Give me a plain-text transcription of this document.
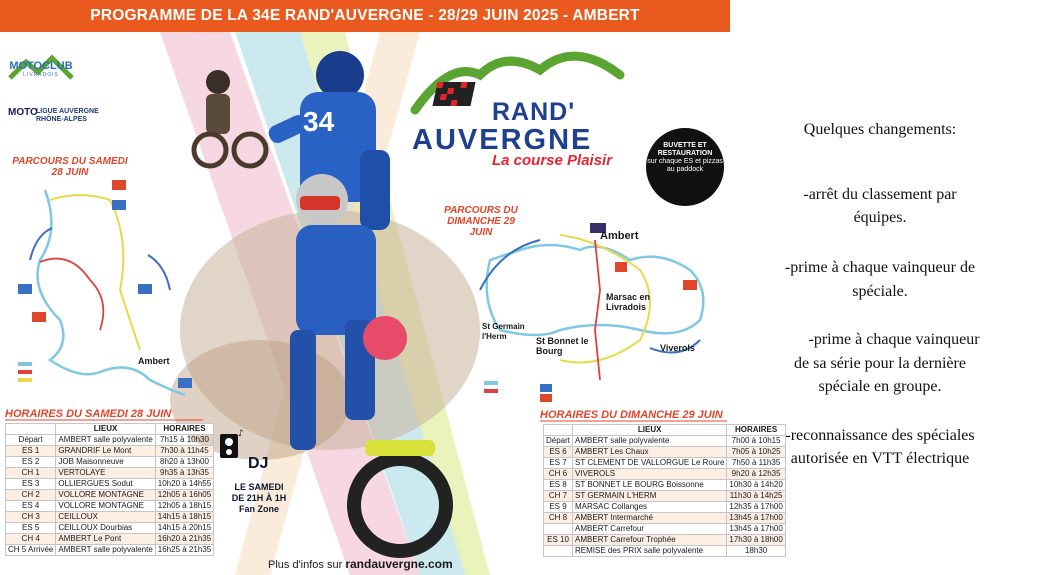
PROGRAMME DE LA 34E RAND'AUVERGNE - 28/29 JUIN 2025 - AMBERT
MOTOCLUB
LIVRADOIS
MOTO
LIGUE AUVERGNE RHÔNE-ALPES	RAND'
AUVERGNE
La course Plaisir
34
BUVETTE ET RESTAURATION
sur chaque ES et pizzas au paddock
PARCOURS DU SAMEDI 28 JUIN
PARCOURS DU DIMANCHE 29 JUIN
Ambert
Ambert
Marsac en Livradois
St Germain l'Herm	St Bonnet le Bourg	Viverols
HORAIRES DU SAMEDI 28 JUIN
	LIEUX	HORAIRES
Départ	AMBERT salle polyvalente	7h15 à 10h30
ES 1	GRANDRIF Le Mont	7h30 à 11h45
ES 2	JOB Maisonneuve	8h20 à 13h00
CH 1	VERTOLAYE	9h35 à 13h35
ES 3	OLLIERGUES Sodut	10h20 à 14h55
CH 2	VOLLORE MONTAGNE	12h05 à 16h05
ES 4	VOLLORE MONTAGNE	12h05 à 18h15
CH 3	CEILLOUX	14h15 à 18h15
ES 5	CEILLOUX Dourbias	14h15 à 20h15
CH 4	AMBERT Le Pont	16h20 à 21h35
CH 5 Arrivée	AMBERT salle polyvalente	16h25 à 21h35
HORAIRES DU DIMANCHE 29 JUIN
	LIEUX	HORAIRES
Départ	AMBERT salle polyvalente	7h00 à 10h15
ES 6	AMBERT Les Chaux	7h05 à 10h25
ES 7	ST CLEMENT DE VALLORGUE Le Roure	7h50 à 11h35
CH 6	VIVEROLS	9h20 à 12h35
ES 8	ST BONNET LE BOURG Boissonne	10h30 à 14h20
CH 7	ST GERMAIN L'HERM	11h30 à 14h25
ES 9	MARSAC Collanges	12h35 à 17h00
CH 8	AMBERT Intermarché	13h45 à 17h00
	AMBERT Carrefour	13h45 à 17h00
ES 10	AMBERT Carrefour Trophée	17h30 à 18h00
	REMISE des PRIX salle polyvalente	18h30
♪
DJ
LE SAMEDI DE 21H À 1H Fan Zone
Plus d'infos sur randauvergne.com
Quelques changements:
-arrêt du classement par
équipes.
-prime à chaque vainqueur de
spéciale.
-prime à chaque vainqueur
de sa série pour la dernière
spéciale en groupe.
-reconnaissance des spéciales
autorisée en VTT électrique
